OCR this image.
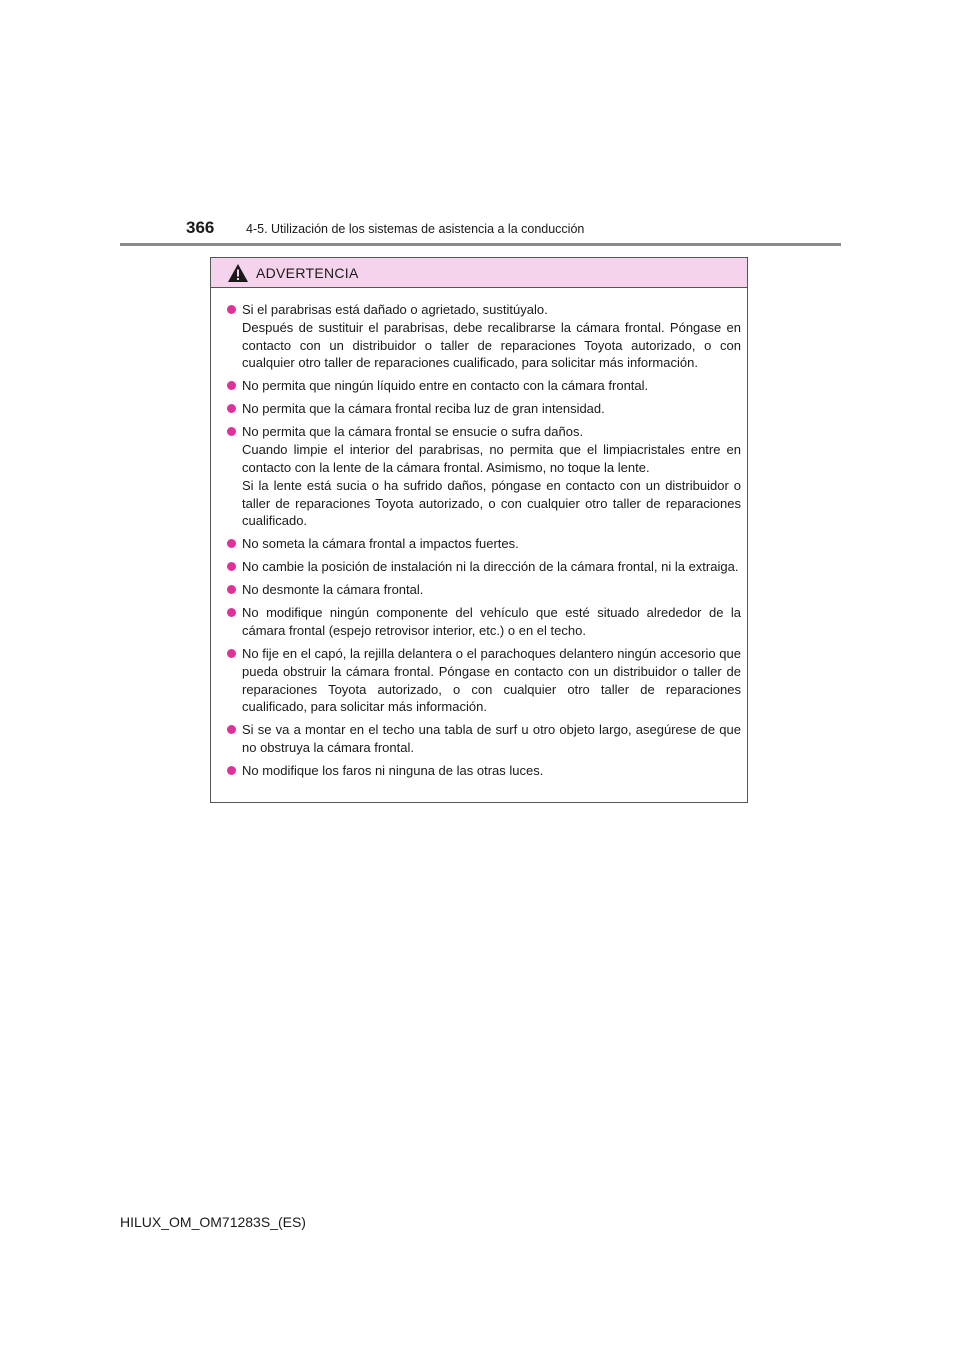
366	4-5. Utilización de los sistemas de asistencia a la conducción
ADVERTENCIA
Si el parabrisas está dañado o agrietado, sustitúyalo.
Después de sustituir el parabrisas, debe recalibrarse la cámara frontal. Póngase en contacto con un distribuidor o taller de reparaciones Toyota autorizado, o con cualquier otro taller de reparaciones cualificado, para solicitar más información.
No permita que ningún líquido entre en contacto con la cámara frontal.
No permita que la cámara frontal reciba luz de gran intensidad.
No permita que la cámara frontal se ensucie o sufra daños.
Cuando limpie el interior del parabrisas, no permita que el limpiacristales entre en contacto con la lente de la cámara frontal. Asimismo, no toque la lente.
Si la lente está sucia o ha sufrido daños, póngase en contacto con un distribuidor o taller de reparaciones Toyota autorizado, o con cualquier otro taller de reparaciones cualificado.
No someta la cámara frontal a impactos fuertes.
No cambie la posición de instalación ni la dirección de la cámara frontal, ni la extraiga.
No desmonte la cámara frontal.
No modifique ningún componente del vehículo que esté situado alrededor de la cámara frontal (espejo retrovisor interior, etc.) o en el techo.
No fije en el capó, la rejilla delantera o el parachoques delantero ningún accesorio que pueda obstruir la cámara frontal. Póngase en contacto con un distribuidor o taller de reparaciones Toyota autorizado, o con cualquier otro taller de reparaciones cualificado, para solicitar más información.
Si se va a montar en el techo una tabla de surf u otro objeto largo, asegúrese de que no obstruya la cámara frontal.
No modifique los faros ni ninguna de las otras luces.
HILUX_OM_OM71283S_(ES)
